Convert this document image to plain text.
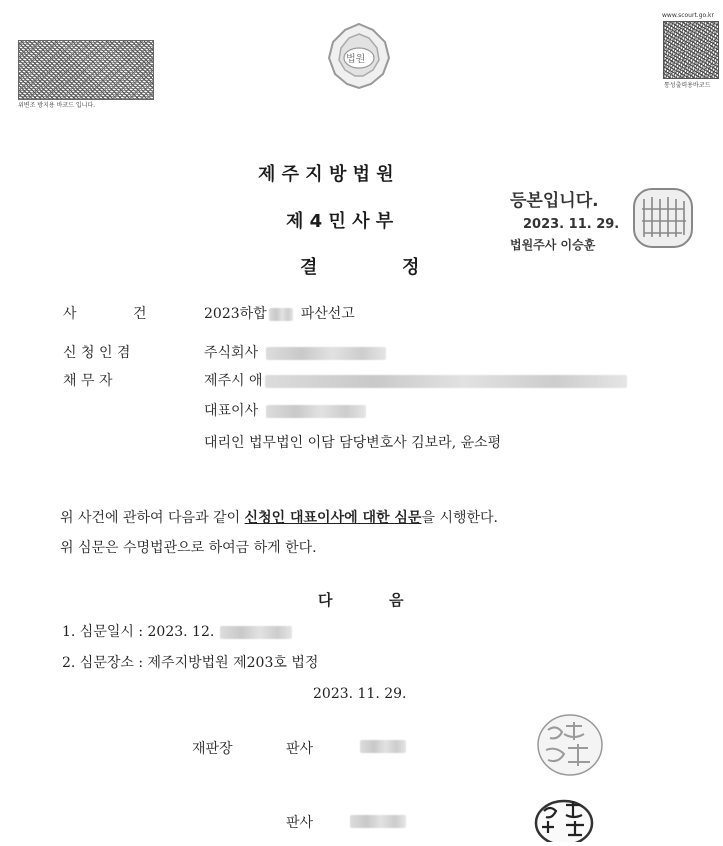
위변조 방지용 바코드 입니다.
법원
www.scourt.go.kr
통성출력용바코드
제 주 지 방 법 원
제 4 민 사 부
결	정
등본입니다.
2023. 11. 29.
법원주사 이승훈
사	건	2023하합 파산선고
신 청 인 겸	주식회사
채 무 자	제주시 애
대표이사
대리인 법무법인 이담 담당변호사 김보라, 윤소평
위 사건에 관하여 다음과 같이 신청인 대표이사에 대한 심문을 시행한다.
위 심문은 수명법관으로 하여금 하게 한다.
다	음
1. 심문일시 : 2023. 12.
2. 심문장소 : 제주지방법원 제203호 법정
2023. 11. 29.
재판장	판사
판사
